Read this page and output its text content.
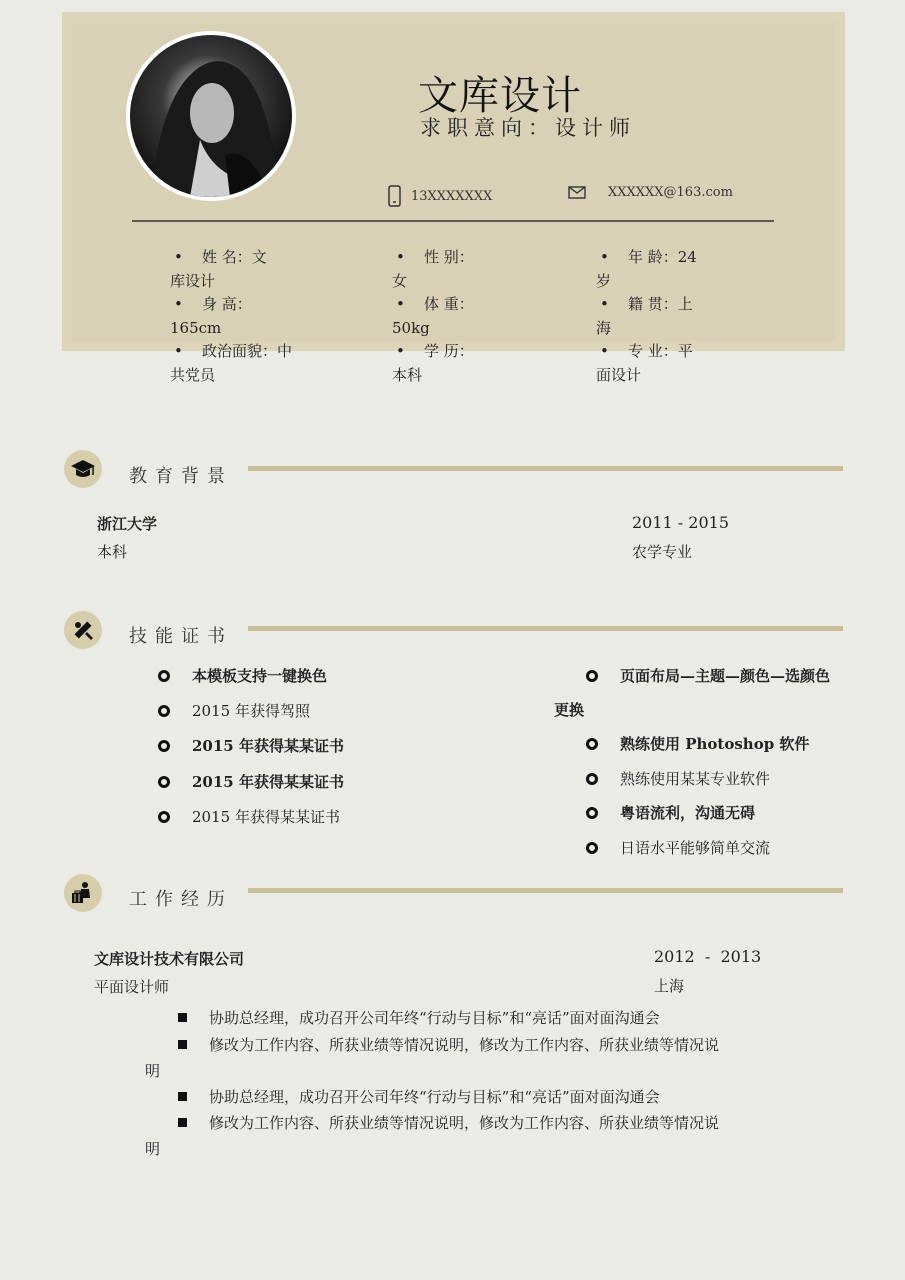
文库设计
求职意向：设计师
13XXXXXXX	XXXXXX@163.com
• 姓 名：文
库设计
• 性 别：
女
• 年 龄：24
岁
• 身 高：
165cm
• 体 重：
50kg
• 籍 贯：上
海
• 政治面貌：中
共党员
• 学 历：
本科
• 专 业：平
面设计
教育背景
浙江大学
本科
2011 - 2015
农学专业
技能证书
本模板支持一键换色
2015 年获得驾照
2015 年获得某某证书
2015 年获得某某证书
2015 年获得某某证书
页面布局—主题—颜色—选颜色
更换
熟练使用 Photoshop 软件
熟练使用某某专业软件
粤语流利，沟通无碍
日语水平能够简单交流
工作经历
文库设计技术有限公司
平面设计师
2012  -  2013
上海
协助总经理，成功召开公司年终“行动与目标”和“亮话”面对面沟通会
修改为工作内容、所获业绩等情况说明，修改为工作内容、所获业绩等情况说
明
协助总经理，成功召开公司年终“行动与目标”和“亮话”面对面沟通会
修改为工作内容、所获业绩等情况说明，修改为工作内容、所获业绩等情况说
明
